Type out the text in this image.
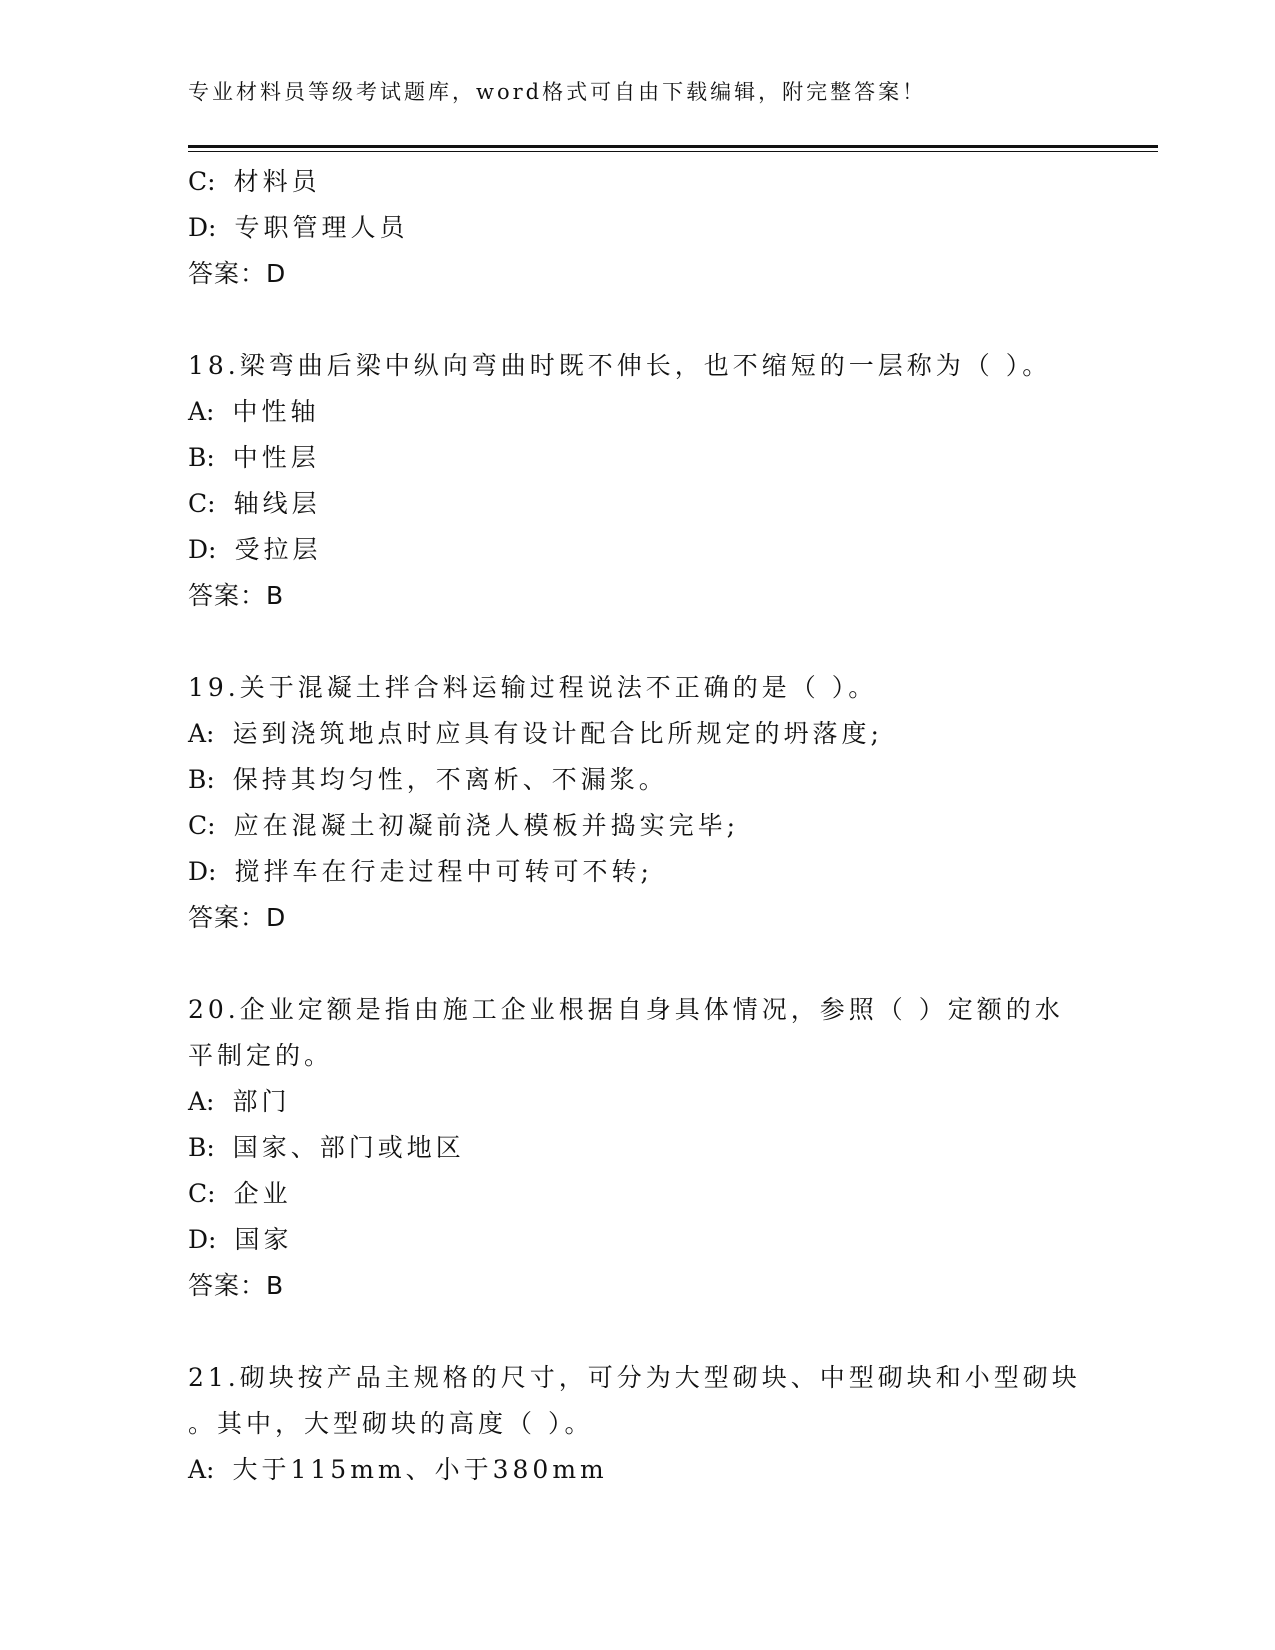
专业材料员等级考试题库，word格式可自由下载编辑，附完整答案！
C: 材料员
D: 专职管理人员
答案：D
18.梁弯曲后梁中纵向弯曲时既不伸长，也不缩短的一层称为（ ）。
A: 中性轴
B: 中性层
C: 轴线层
D: 受拉层
答案：B
19.关于混凝土拌合料运输过程说法不正确的是（ ）。
A: 运到浇筑地点时应具有设计配合比所规定的坍落度;
B: 保持其均匀性，不离析、不漏浆。
C: 应在混凝土初凝前浇人模板并捣实完毕;
D: 搅拌车在行走过程中可转可不转;
答案：D
20.企业定额是指由施工企业根据自身具体情况，参照（ ）定额的水
平制定的。
A: 部门
B: 国家、部门或地区
C: 企业
D: 国家
答案：B
21.砌块按产品主规格的尺寸，可分为大型砌块、中型砌块和小型砌块
。其中，大型砌块的高度（ ）。
A: 大于115mm、小于380mm
